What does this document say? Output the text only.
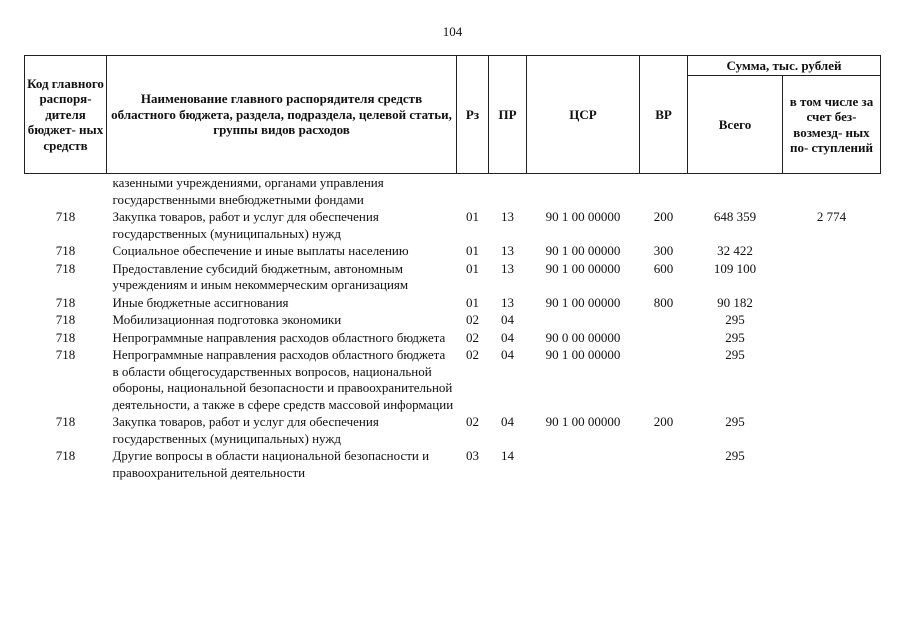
104
Код главного распоря- дителя бюджет- ных средств	Наименование главного распорядителя средств областного бюджета, раздела, подраздела, целевой статьи, группы видов расходов	Рз	ПР	ЦСР	ВР	Сумма, тыс. рублей	
						Всего	в том числе за счет без- возмезд- ных по- ступлений
	казенными учреждениями, органами управления государственными внебюджетными фондами						
718	Закупка товаров, работ и услуг для обеспечения государственных (муниципальных) нужд	01	13	90 1 00 00000	200	648 359	2 774
718	Социальное обеспечение и иные выплаты населению	01	13	90 1 00 00000	300	32 422	
718	Предоставление субсидий бюджетным, автономным учреждениям и иным некоммерческим организациям	01	13	90 1 00 00000	600	109 100	
718	Иные бюджетные ассигнования	01	13	90 1 00 00000	800	90 182	
718	Мобилизационная подготовка экономики	02	04			295	
718	Непрограммные направления расходов областного бюджета	02	04	90 0 00 00000		295	
718	Непрограммные направления расходов областного бюджета в области общегосударственных вопросов, национальной обороны, национальной безопасности и правоохранительной деятельности, а также в сфере средств массовой информации	02	04	90 1 00 00000		295	
718	Закупка товаров, работ и услуг для обеспечения государственных (муниципальных) нужд	02	04	90 1 00 00000	200	295	
718	Другие вопросы в области национальной безопасности и правоохранительной деятельности	03	14			295	
